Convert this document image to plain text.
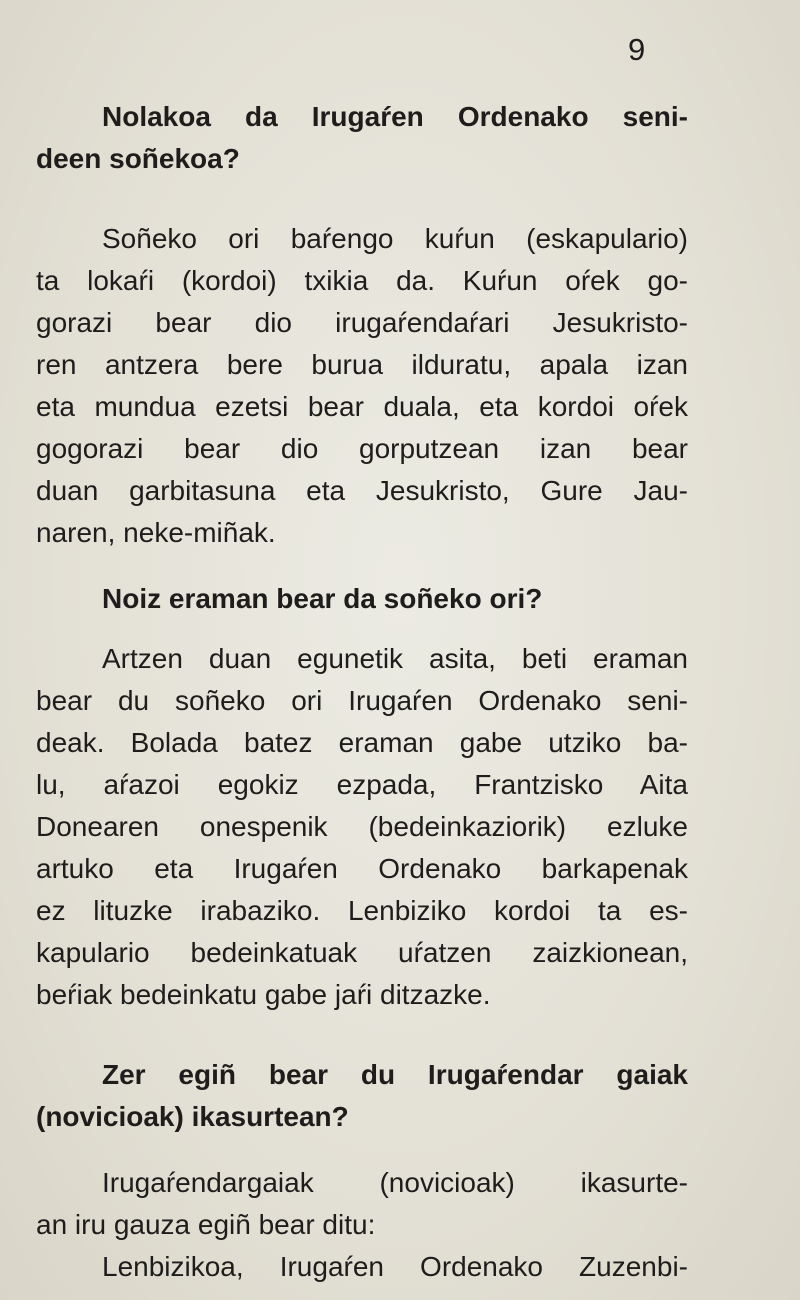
9
Nolakoa da Irugaŕen Ordenako seni-
deen soñekoa?
Soñeko ori baŕengo kuŕun (eskapulario)
ta lokaŕi (kordoi) txikia da. Kuŕun oŕek go-
gorazi bear dio irugaŕendaŕari Jesukristo-
ren antzera bere burua ilduratu, apala izan
eta mundua ezetsi bear duala, eta kordoi oŕek
gogorazi bear dio gorputzean izan bear
duan garbitasuna eta Jesukristo, Gure Jau-
naren, neke-miñak.
Noiz eraman bear da soñeko ori?
Artzen duan egunetik asita, beti eraman
bear du soñeko ori Irugaŕen Ordenako seni-
deak. Bolada batez eraman gabe utziko ba-
lu, aŕazoi egokiz ezpada, Frantzisko Aita
Donearen onespenik (bedeinkaziorik) ezluke
artuko eta Irugaŕen Ordenako barkapenak
ez lituzke irabaziko. Lenbiziko kordoi ta es-
kapulario bedeinkatuak uŕatzen zaizkionean,
beŕiak bedeinkatu gabe jaŕi ditzazke.
Zer egiñ bear du Irugaŕendar gaiak
(novicioak) ikasurtean?
Irugaŕendargaiak (novicioak) ikasurte-
an iru gauza egiñ bear ditu:
Lenbizikoa, Irugaŕen Ordenako Zuzenbi-
